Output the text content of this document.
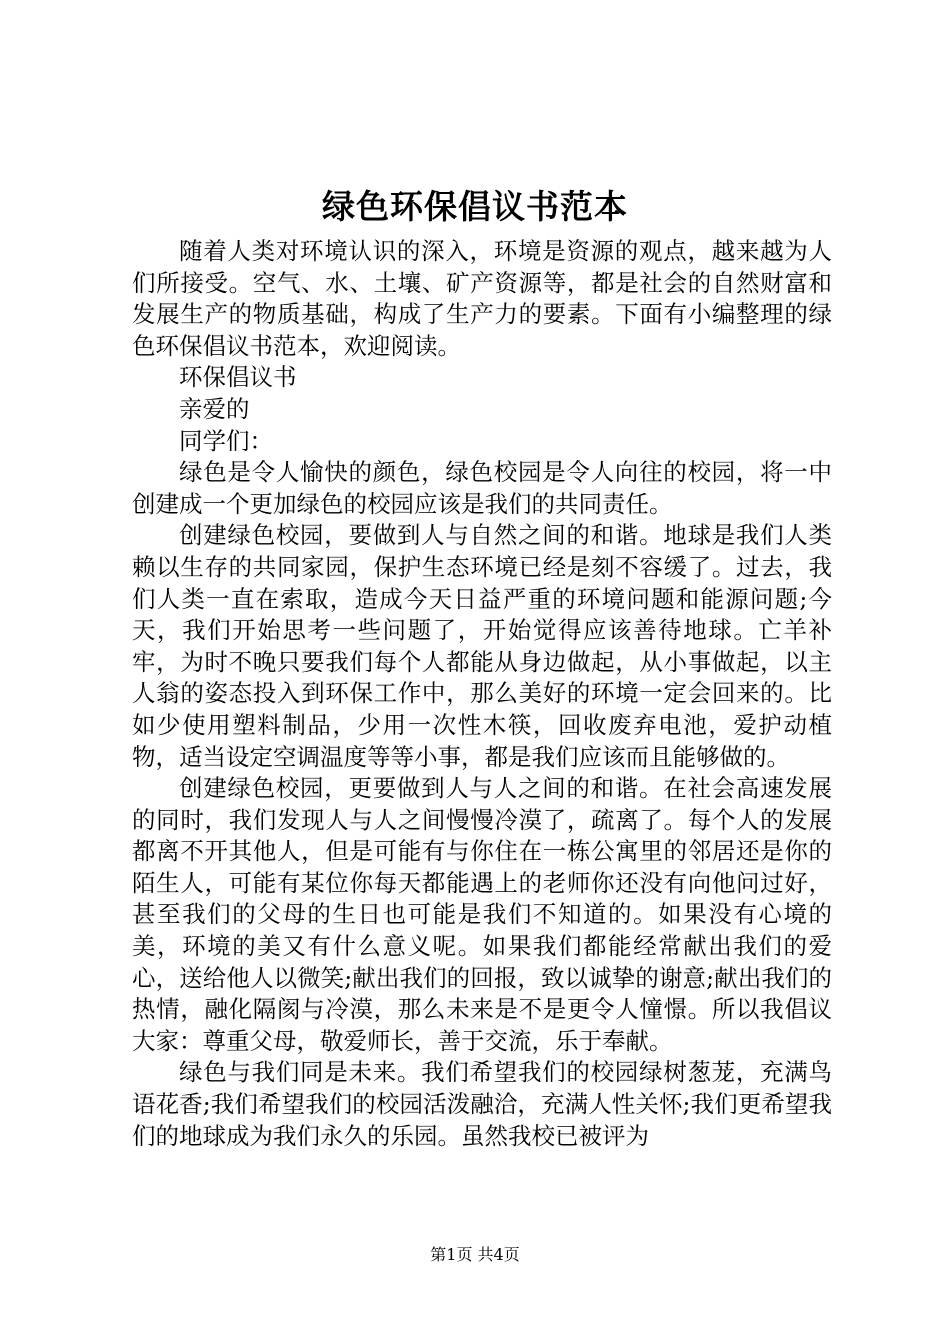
绿色环保倡议书范本

随着人类对环境认识的深入，环境是资源的观点，越来越为人们所接受。空气、水、土壤、矿产资源等，都是社会的自然财富和发展生产的物质基础，构成了生产力的要素。下面有小编整理的绿色环保倡议书范本，欢迎阅读。

环保倡议书

亲爱的

同学们：

绿色是令人愉快的颜色，绿色校园是令人向往的校园，将一中创建成一个更加绿色的校园应该是我们的共同责任。

创建绿色校园，要做到人与自然之间的和谐。地球是我们人类赖以生存的共同家园，保护生态环境已经是刻不容缓了。过去，我们人类一直在索取，造成今天日益严重的环境问题和能源问题;今天，我们开始思考一些问题了，开始觉得应该善待地球。亡羊补牢，为时不晚只要我们每个人都能从身边做起，从小事做起，以主人翁的姿态投入到环保工作中，那么美好的环境一定会回来的。比如少使用塑料制品，少用一次性木筷，回收废弃电池，爱护动植物，适当设定空调温度等等小事，都是我们应该而且能够做的。

创建绿色校园，更要做到人与人之间的和谐。在社会高速发展的同时，我们发现人与人之间慢慢冷漠了，疏离了。每个人的发展都离不开其他人，但是可能有与你住在一栋公寓里的邻居还是你的陌生人，可能有某位你每天都能遇上的老师你还没有向他问过好，甚至我们的父母的生日也可能是我们不知道的。如果没有心境的美，环境的美又有什么意义呢。如果我们都能经常献出我们的爱心，送给他人以微笑;献出我们的回报，致以诚挚的谢意;献出我们的热情，融化隔阂与冷漠，那么未来是不是更令人憧憬。所以我倡议大家：尊重父母，敬爱师长，善于交流，乐于奉献。

绿色与我们同是未来。我们希望我们的校园绿树葱茏，充满鸟语花香;我们希望我们的校园活泼融洽，充满人性关怀;我们更希望我们的地球成为我们永久的乐园。虽然我校已被评为

第1页 共4页
